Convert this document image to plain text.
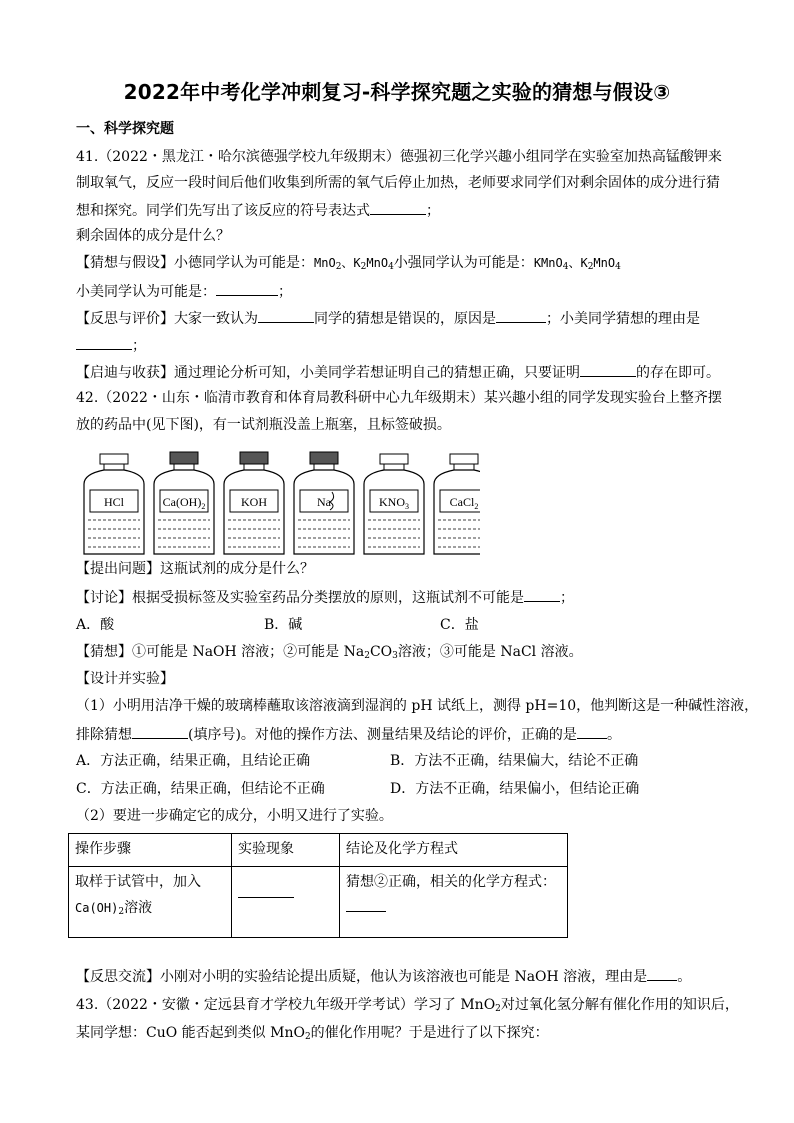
2022年中考化学冲刺复习-科学探究题之实验的猜想与假设③
一、科学探究题
41.（2022・黑龙江・哈尔滨德强学校九年级期末）德强初三化学兴趣小组同学在实验室加热高锰酸钾来
制取氧气，反应一段时间后他们收集到所需的氧气后停止加热，老师要求同学们对剩余固体的成分进行猜
想和探究。同学们先写出了该反应的符号表达式	；
剩余固体的成分是什么？
【猜想与假设】小德同学认为可能是：MnO$_2$、$K_2MnO_4$小强同学认为可能是：KMnO$_4$、$K_2MnO_4$
小美同学认为可能是：	；
【反思与评价】大家一致认为	同学的猜想是错误的，原因是	；小美同学猜想的理由是
；
【启迪与收获】通过理论分析可知，小美同学若想证明自己的猜想正确，只要证明	的存在即可。
42.（2022・山东・临清市教育和体育局教科研中心九年级期末）某兴趣小组的同学发现实验台上整齐摆
放的药品中(见下图)，有一试剂瓶没盖上瓶塞，且标签破损。
HCl	$Ca(OH)_2$	KOH	Na	$KNO_3$	CaCl$_2$
【提出问题】这瓶试剂的成分是什么？
【讨论】根据受损标签及实验室药品分类摆放的原则，这瓶试剂不可能是	；
A．酸	B．碱	C．盐
【猜想】①可能是 NaOH 溶液；②可能是 $Na_2CO_3$溶液；③可能是 NaCl 溶液。
【设计并实验】
（1）小明用洁净干燥的玻璃棒蘸取该溶液滴到湿润的 pH 试纸上，测得 pH=10，他判断这是一种碱性溶液，
排除猜想	(填序号)。对他的操作方法、测量结果及结论的评价，正确的是 。
A．方法正确，结果正确，且结论正确	B．方法不正确，结果偏大，结论不正确
C．方法正确，结果正确，但结论不正确	D．方法不正确，结果偏小，但结论正确
（2）要进一步确定它的成分，小明又进行了实验。
操作步骤	实验现象	结论及化学方程式

取样于试管中，加入
$Ca(OH)_2$溶液		猜想②正确，相关的化学方程式：
【反思交流】小刚对小明的实验结论提出质疑，他认为该溶液也可能是 NaOH 溶液，理由是 。
43.（2022・安徽・定远县育才学校九年级开学考试）学习了 MnO$_2$对过氧化氢分解有催化作用的知识后，
某同学想：CuO 能否起到类似 MnO$_2$的催化作用呢？于是进行了以下探究：
